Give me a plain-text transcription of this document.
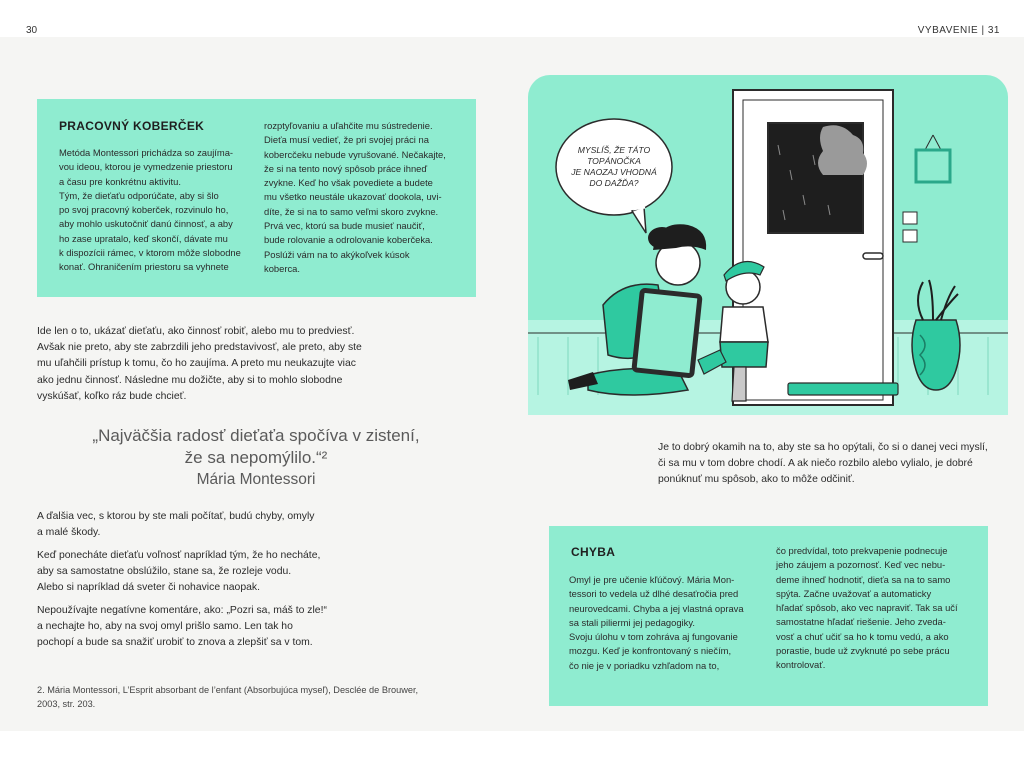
30
PRACOVNÝ KOBERČEK
Metóda Montessori prichádza so zaujíma-
vou ideou, ktorou je vymedzenie priestoru
a času pre konkrétnu aktivitu.
Tým, že dieťaťu odporúčate, aby si šlo
po svoj pracovný koberček, rozvinulo ho,
aby mohlo uskutočniť danú činnosť, a aby
ho zase upratalo, keď skončí, dávate mu
k dispozícii rámec, v ktorom môže slobodne
konať. Ohraničením priestoru sa vyhnete
rozptyľovaniu a uľahčite mu sústredenie.
Dieťa musí vedieť, že pri svojej práci na
kobercčeku nebude vyrušované. Nečakajte,
že si na tento nový spôsob práce ihneď
zvykne. Keď ho však povediete a budete
mu všetko neustále ukazovať dookola, uvi-
díte, že si na to samo veľmi skoro zvykne.
Prvá vec, ktorú sa bude musieť naučiť,
bude rolovanie a odrolovanie koberčeka.
Poslúži vám na to akýkoľvek kúsok
koberca.
Ide len o to, ukázať dieťaťu, ako činnosť robiť, alebo mu to predviesť.
Avšak nie preto, aby ste zabrzdili jeho predstavivosť, ale preto, aby ste
mu uľahčili prístup k tomu, čo ho zaujíma. A preto mu neukazujte viac
ako jednu činnosť. Následne mu dožičte, aby si to mohlo slobodne
vyskúšať, koľko ráz bude chcieť.
„Najväčšia radosť dieťaťa spočíva v zistení,
že sa nepomýlilo.“²
Mária Montessori
A ďalšia vec, s ktorou by ste mali počítať, budú chyby, omyly
a malé škody.
Keď ponecháte dieťaťu voľnosť napríklad tým, že ho necháte,
aby sa samostatne obslúžilo, stane sa, že rozleje vodu.
Alebo si napríklad dá sveter či nohavice naopak.
Nepoužívajte negatívne komentáre, ako: „Pozri sa, máš to zle!“
a nechajte ho, aby na svoj omyl prišlo samo. Len tak ho
pochopí a bude sa snažiť urobiť to znova a zlepšiť sa v tom.
2. Mária Montessori, L’Esprit absorbant de l’enfant (Absorbujúca myseľ), Desclée de Brouwer,
2003, str. 203.
VYBAVENIE | 31
MYSLÍŠ, ŽE TÁTO
TOPÁNOČKA
JE NAOZAJ VHODNÁ
DO DAŽĎA?
Je to dobrý okamih na to, aby ste sa ho opýtali, čo si o danej veci myslí,
či sa mu v tom dobre chodí. A ak niečo rozbilo alebo vylialo, je dobré
ponúknuť mu spôsob, ako to môže odčiniť.
CHYBA
Omyl je pre učenie kľúčový. Mária Mon-
tessori to vedela už dlhé desaťročia pred
neurovedcami. Chyba a jej vlastná oprava
sa stali piliermi jej pedagogiky.
Svoju úlohu v tom zohráva aj fungovanie
mozgu. Keď je konfrontovaný s niečím,
čo nie je v poriadku vzhľadom na to,
čo predvídal, toto prekvapenie podnecuje
jeho záujem a pozornosť. Keď vec nebu-
deme ihneď hodnotiť, dieťa sa na to samo
spýta. Začne uvažovať a automaticky
hľadať spôsob, ako vec napraviť. Tak sa učí
samostatne hľadať riešenie. Jeho zveda-
vosť a chuť učiť sa ho k tomu vedú, a ako
porastie, bude už zvyknuté po sebe prácu
kontrolovať.
